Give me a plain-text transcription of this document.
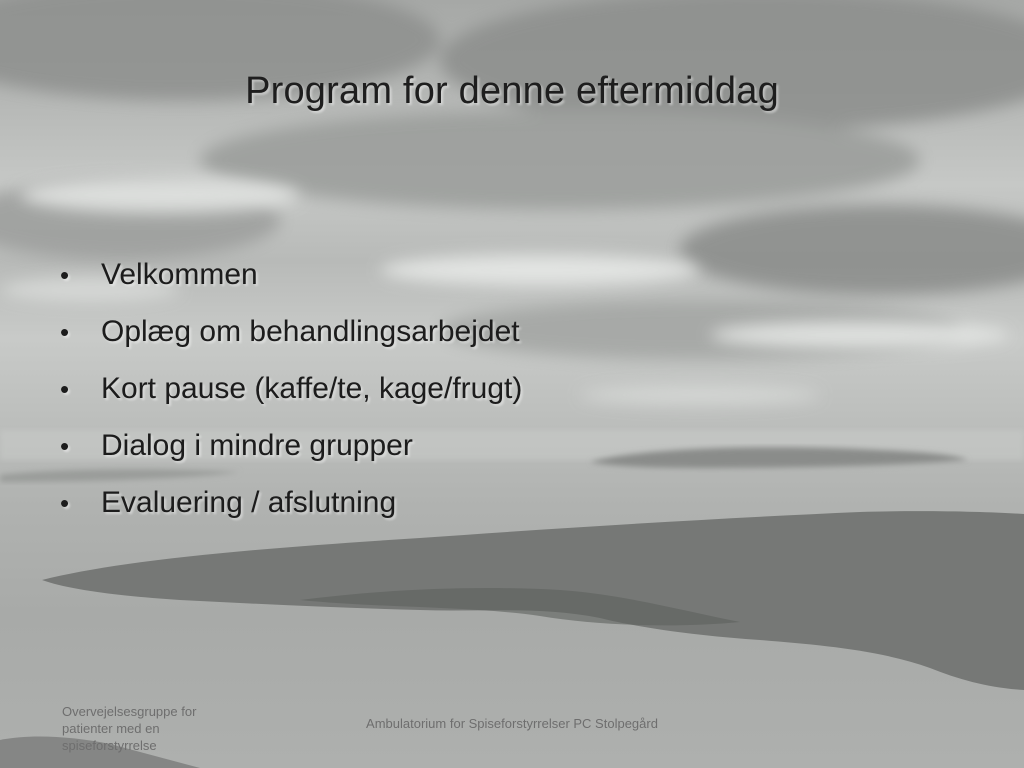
Program for denne eftermiddag
•	Velkommen
•	Oplæg om behandlingsarbejdet
•	Kort pause (kaffe/te, kage/frugt)
•	Dialog i mindre grupper
•	Evaluering / afslutning
Overvejelsesgruppe for patienter med en spiseforstyrrelse
Ambulatorium for Spiseforstyrrelser PC Stolpegård
